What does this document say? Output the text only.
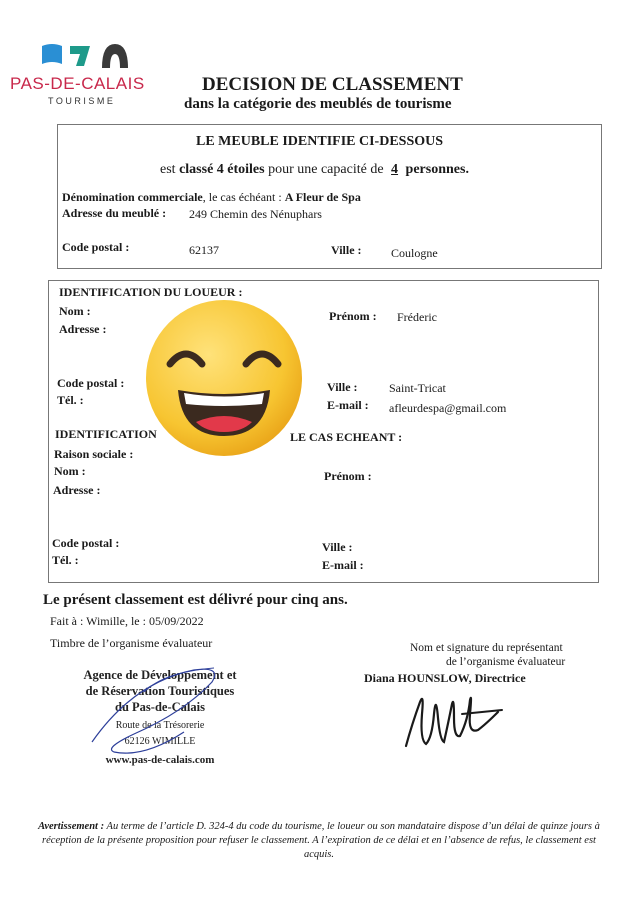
PAS-DE-CALAIS
TOURISME
DECISION DE CLASSEMENT
dans la catégorie des meublés de tourisme
LE MEUBLE IDENTIFIE CI-DESSOUS
est classé 4 étoiles pour une capacité de 4 personnes.
Dénomination commerciale, le cas échéant : A Fleur de Spa
Adresse du meublé : 249 Chemin des Nénuphars
Code postal :	62137	Ville : Coulogne
IDENTIFICATION DU LOUEUR :
Nom :
Adresse :
Prénom : Fréderic
Code postal :
Tél. :
Ville :	Saint-Tricat
E-mail : afleurdespa@gmail.com
IDENTIFICATION	LE CAS ECHEANT :
Raison sociale :
Nom :	Prénom :
Adresse :
Code postal :
Tél. :
Ville :
E-mail :
Le présent classement est délivré pour cinq ans.
Fait à : Wimille, le : 05/09/2022
Timbre de l’organisme évaluateur	Nom et signature du représentant
de l’organisme évaluateur
Diana HOUNSLOW, Directrice
Agence de Développement et
de Réservation Touristiques
du Pas-de-Calais
Route de la Trésorerie
62126 WIMILLE
www.pas-de-calais.com
Avertissement : Au terme de l’article D. 324-4 du code du tourisme, le loueur ou son mandataire dispose d’un délai de quinze jours à réception de la présente proposition pour refuser le classement. A l’expiration de ce délai et en l’absence de refus, le classement est acquis.
